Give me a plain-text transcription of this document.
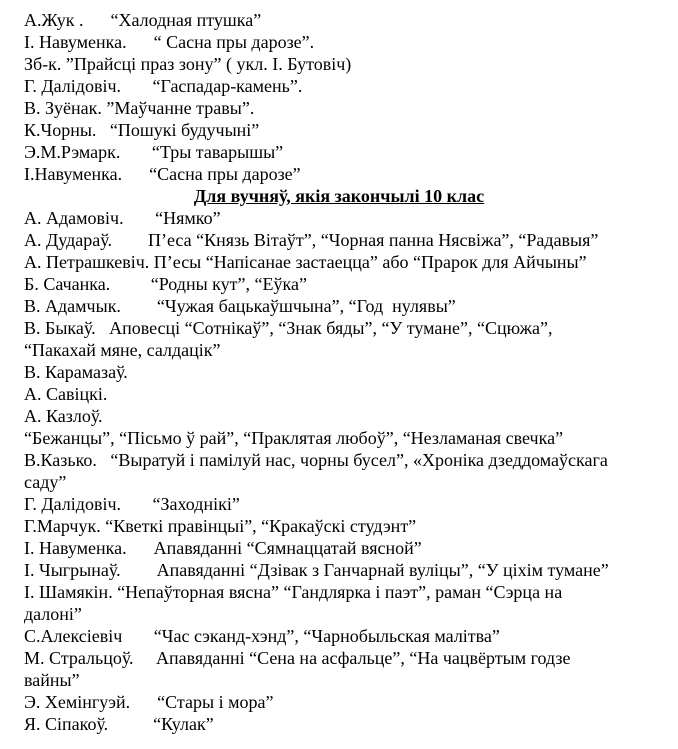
А.Жук .      “Халодная птушка”
І. Навуменка.      “ Сасна пры дарозе”.
Зб-к. ”Прайсці праз зону” ( укл. І. Бутовіч)
Г. Далідовіч.       “Гаспадар-камень”.
В. Зуёнак. ”Маўчанне травы”.
К.Чорны.   “Пошукі будучыні”
Э.М.Рэмарк.       “Тры таварышы”
І.Навуменка.      “Сасна пры дарозе”
Для вучняў, якія закончылі 10 клас
А. Адамовіч.       “Нямко”
А. Дудараў.        П’еса “Князь Вітаўт”, “Чорная панна Нясвіжа”, “Радавыя”
А. Петрашкевіч. П’есы “Напісанае застаецца” або “Прарок для Айчыны”
Б. Сачанка.         “Родны кут”, “Еўка”
В. Адамчык.        “Чужая бацькаўшчына”, “Год  нулявы”
В. Быкаў.   Аповесці “Сотнікаў”, “Знак бяды”, “У тумане”, “Сцюжа”,
“Пакахай мяне, салдацік”
В. Карамазаў.
А. Савіцкі.
А. Казлоў.
“Бежанцы”, “Пісьмо ў рай”, “Праклятая любоў”, “Незламаная свечка”
В.Казько.   “Выратуй і памілуй нас, чорны бусел”, «Хроніка дзеддомаўскага
саду”
Г. Далідовіч.       “Заходнікі”
Г.Марчук. “Кветкі правінцыі”, “Кракаўскі студэнт”
І. Навуменка.      Апавяданні “Сямнаццатай вясной”
І. Чыгрынаў.        Апавяданні “Дзівак з Ганчарнай вуліцы”, “У ціхім тумане”
І. Шамякін. “Непаўторная вясна” “Гандлярка і паэт”, раман “Сэрца на
далоні”
С.Алексіевіч       “Час сэканд-хэнд”, “Чарнобыльская малітва”
М. Стральцоў.     Апавяданні “Сена на асфальце”, “На чацвёртым годзе
вайны”
Э. Хемінгуэй.      “Стары і мора”
Я. Сіпакоў.          “Кулак”
